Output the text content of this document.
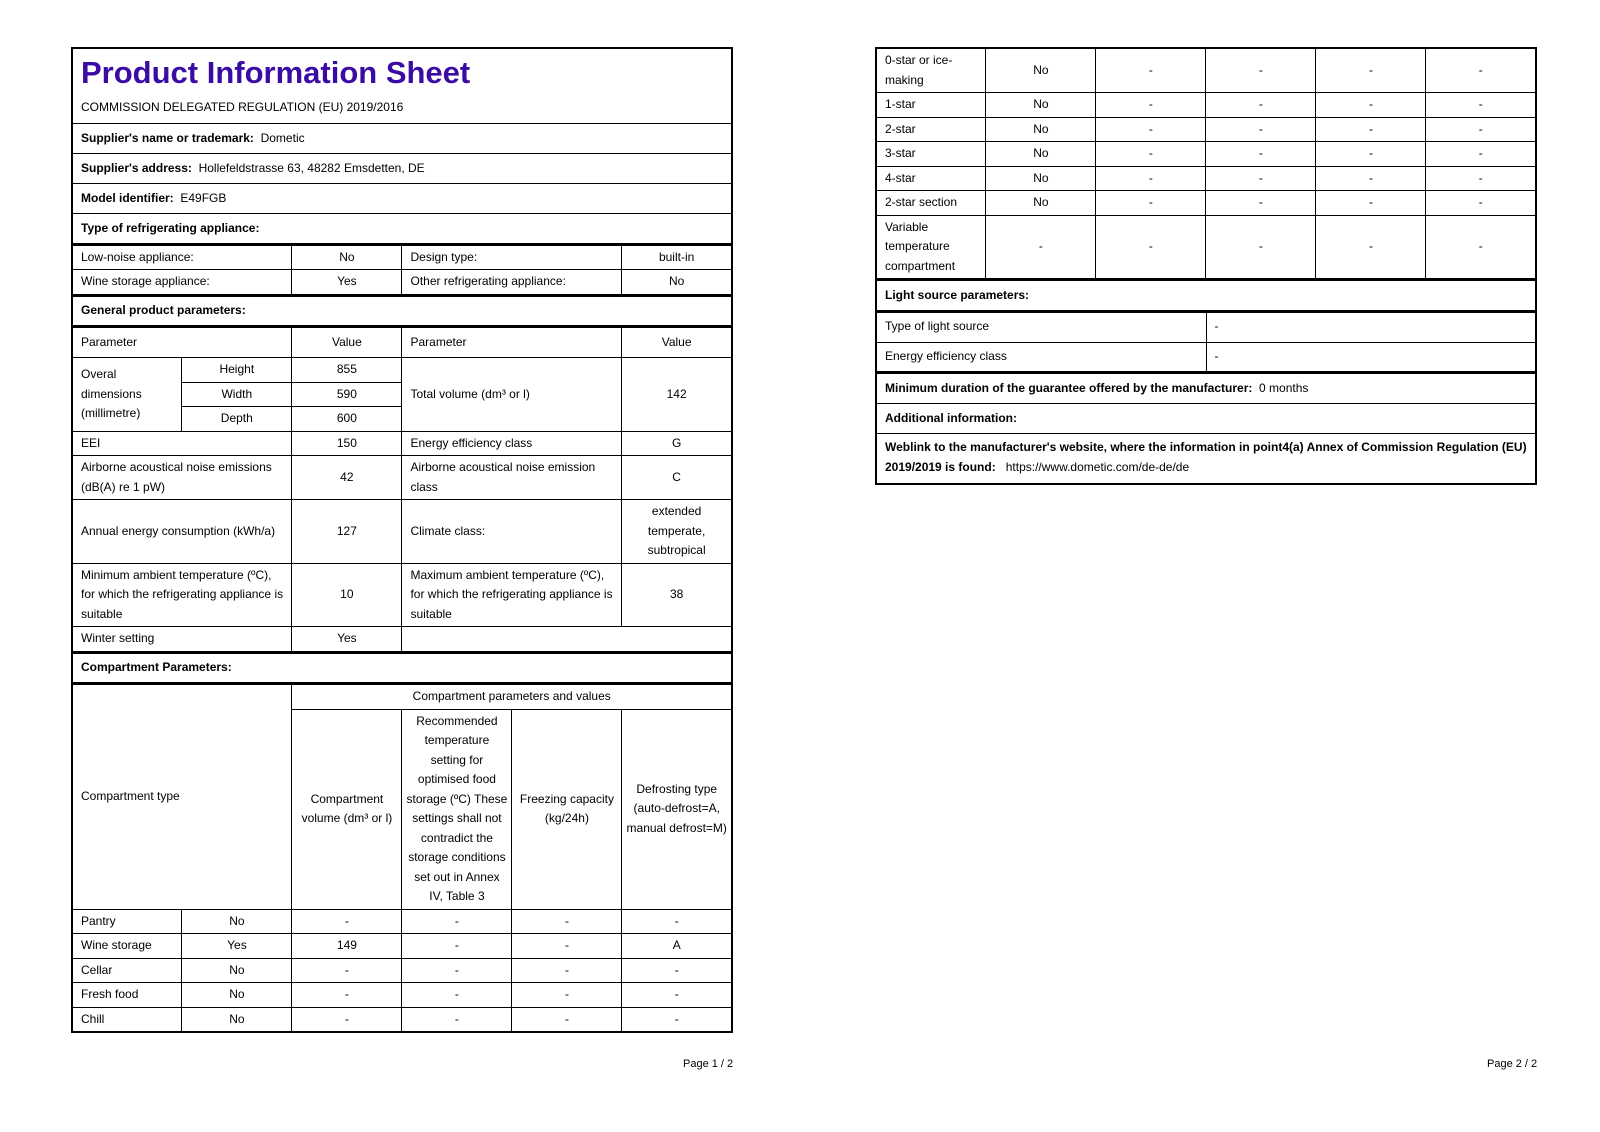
Product Information Sheet
COMMISSION DELEGATED REGULATION (EU) 2019/2016

Supplier's name or trademark: Dometic
Supplier's address: Hollefeldstrasse 63, 48282 Emsdetten, DE
Model identifier: E49FGB
Type of refrigerating appliance:
Low-noise appliance:	No	Design type:	built-in
Wine storage appliance:	Yes	Other refrigerating appliance:	No
General product parameters:
Parameter		Value	Parameter	Value
Overal dimensions (millimetre)	Height	855	Total volume (dm³ or l)	142
	Width	590		
	Depth	600		
EEI		150	Energy efficiency class	G
Airborne acoustical noise emissions (dB(A) re 1 pW)		42	Airborne acoustical noise emission class	C
Annual energy consumption (kWh/a)		127	Climate class:	extended temperate, subtropical
Minimum ambient temperature (ºC), for which the refrigerating appliance is suitable		10	Maximum ambient temperature (ºC), for which the refrigerating appliance is suitable	38
Winter setting		Yes		
Compartment Parameters:
Compartment type		Compartment parameters and values			
		Compartment volume (dm³ or l)	Recommended temperature setting for optimised food storage (ºC) These settings shall not contradict the storage conditions set out in Annex IV, Table 3	Freezing capacity (kg/24h)	Defrosting type (auto-defrost=A, manual defrost=M)
Pantry	No	-	-	-	-
Wine storage	Yes	149	-	-	A
Cellar	No	-	-	-	-
Fresh food	No	-	-	-	-
Chill	No	-	-	-	-
Page 1 / 2
0-star or ice-making	No	-	-	-	-
1-star	No	-	-	-	-
2-star	No	-	-	-	-
3-star	No	-	-	-	-
4-star	No	-	-	-	-
2-star section	No	-	-	-	-
Variable temperature compartment	-	-	-	-	-
Light source parameters:
Type of light source	-
Energy efficiency class	-
Minimum duration of the guarantee offered by the manufacturer: 0 months
Additional information:
Weblink to the manufacturer's website, where the information in point4(a) Annex of Commission Regulation (EU) 2019/2019 is found: https://www.dometic.com/de-de/de
Page 2 / 2
